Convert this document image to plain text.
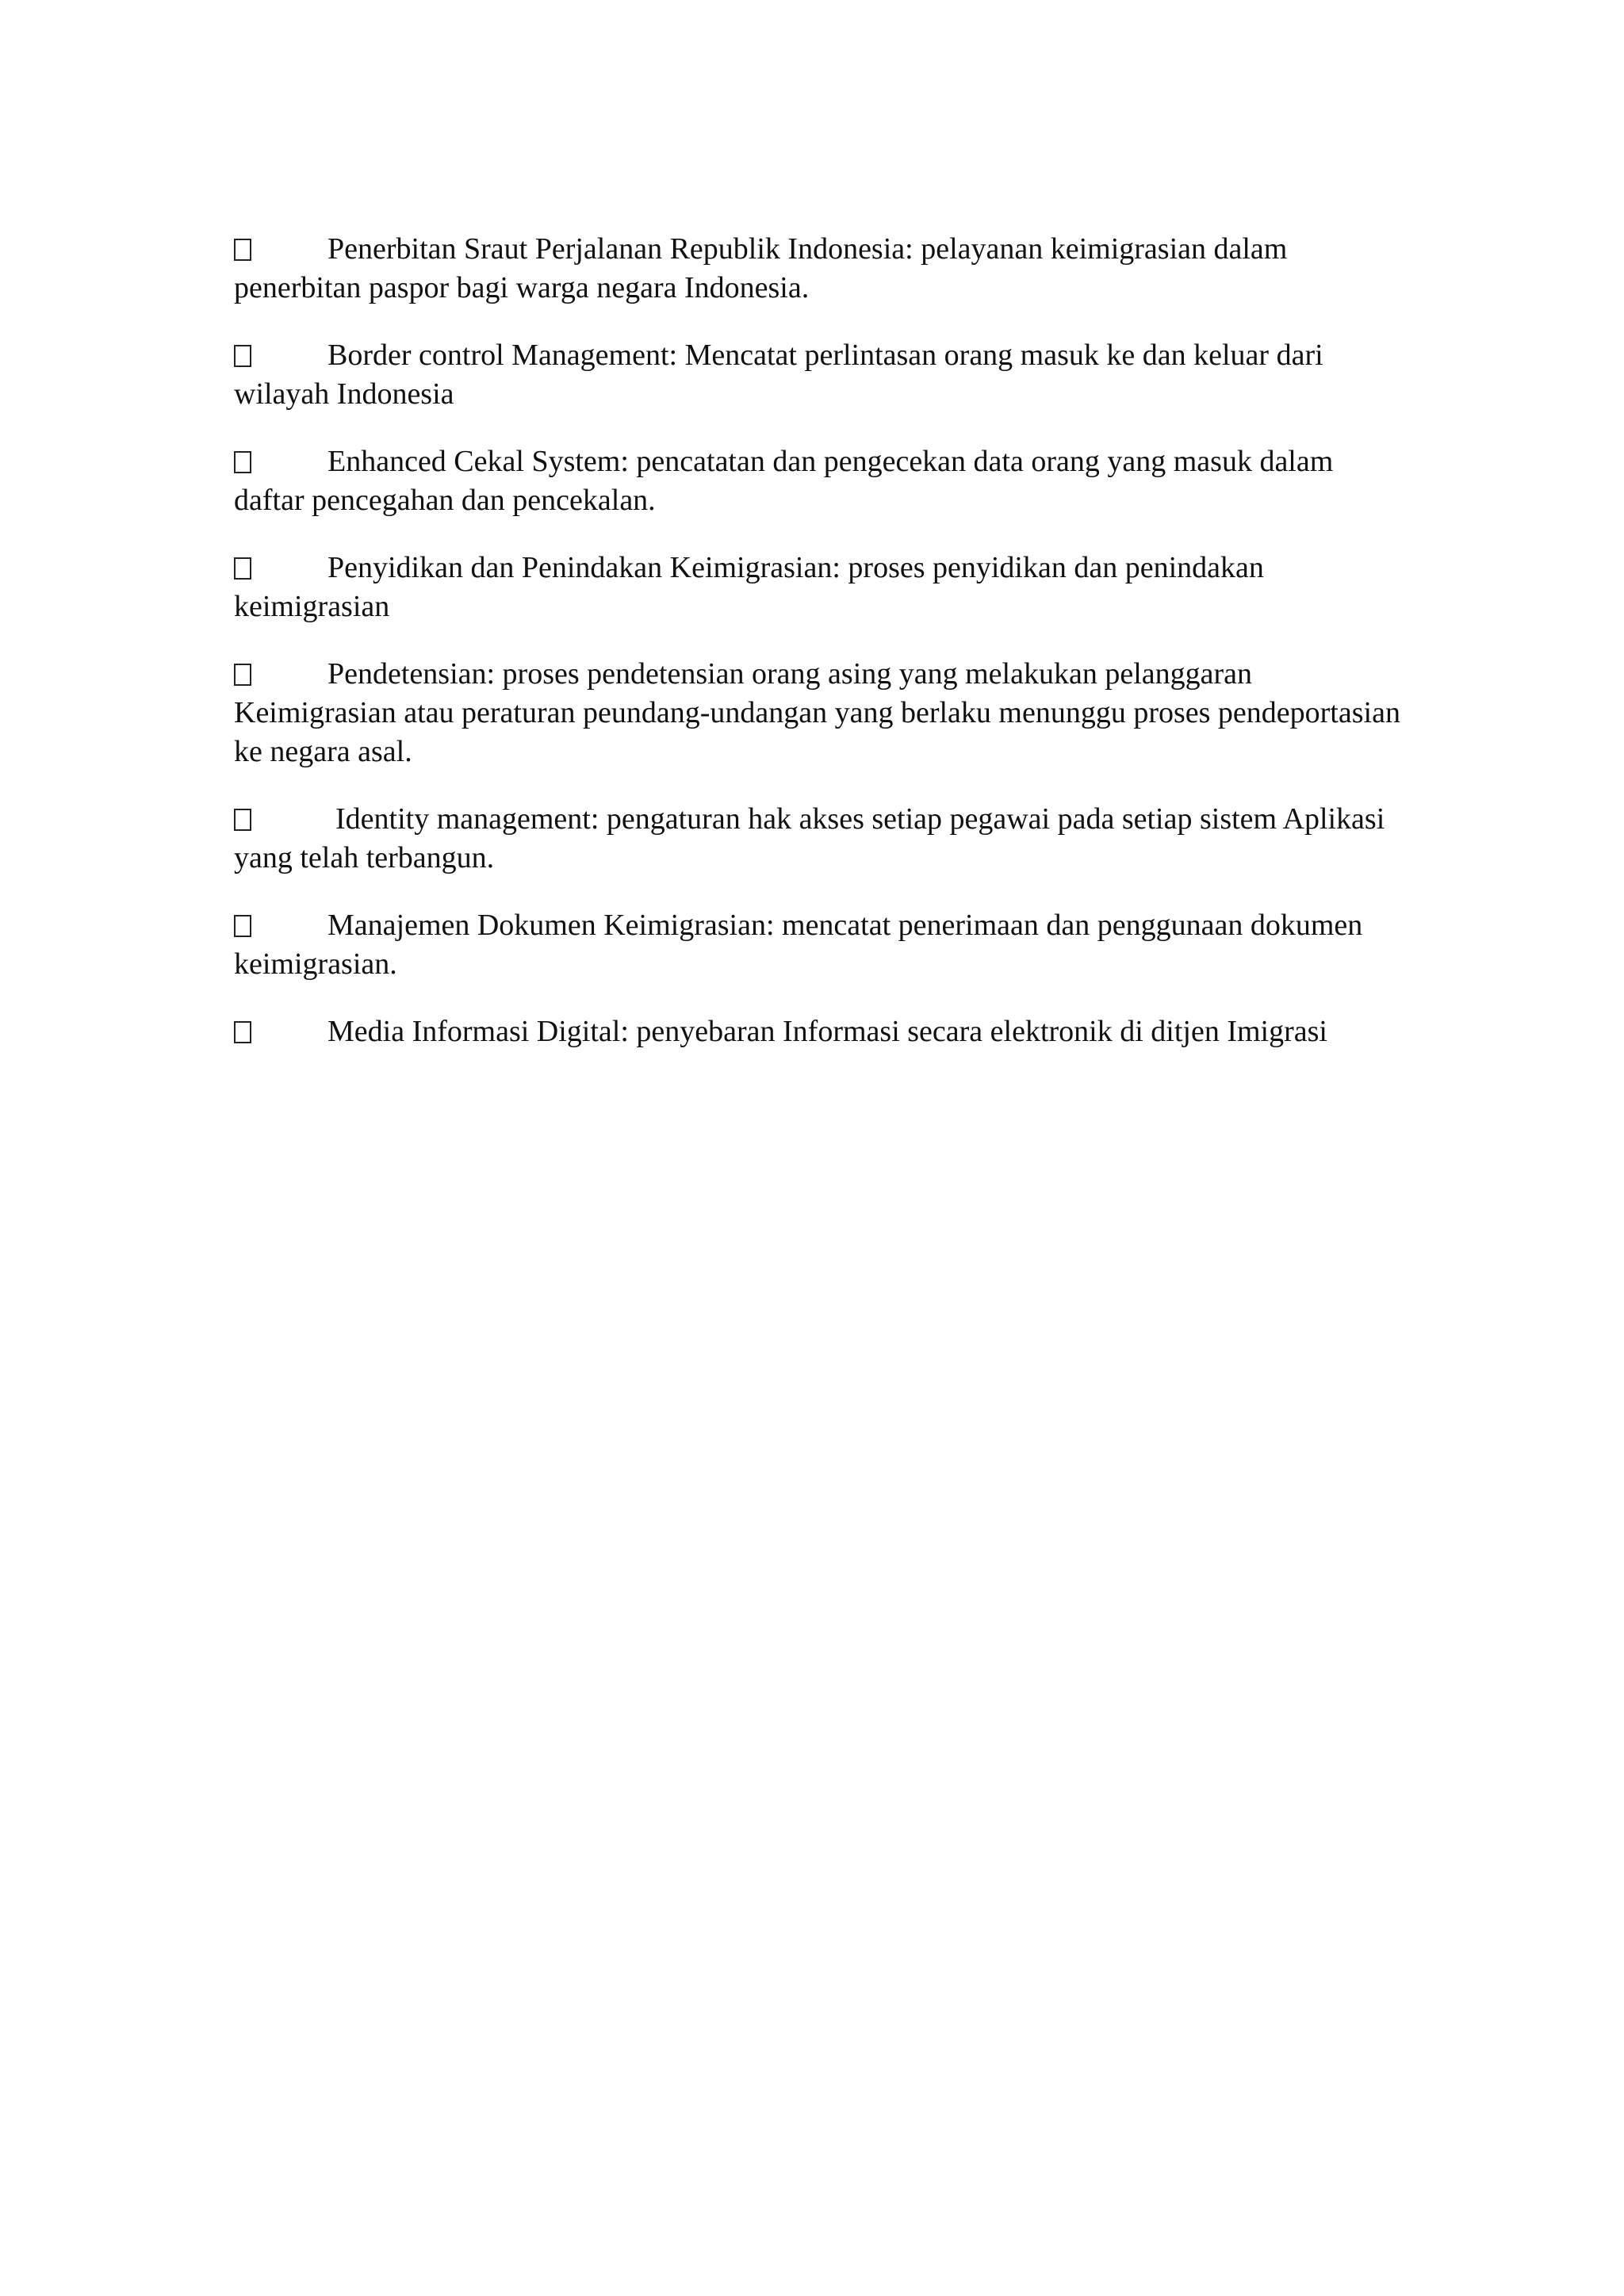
Penerbitan Sraut Perjalanan Republik Indonesia: pelayanan keimigrasian dalam penerbitan paspor bagi warga negara Indonesia.

Border control Management: Mencatat perlintasan orang masuk ke dan keluar dari wilayah Indonesia

Enhanced Cekal System: pencatatan dan pengecekan data orang yang masuk dalam daftar pencegahan dan pencekalan.

Penyidikan dan Penindakan Keimigrasian: proses penyidikan dan penindakan keimigrasian

Pendetensian: proses pendetensian orang asing yang melakukan pelanggaran Keimigrasian atau peraturan peundang-undangan yang berlaku menunggu proses pendeportasian ke negara asal.

Identity management: pengaturan hak akses setiap pegawai pada setiap sistem Aplikasi yang telah terbangun.

Manajemen Dokumen Keimigrasian: mencatat penerimaan dan penggunaan dokumen keimigrasian.

Media Informasi Digital: penyebaran Informasi secara elektronik di ditjen Imigrasi
